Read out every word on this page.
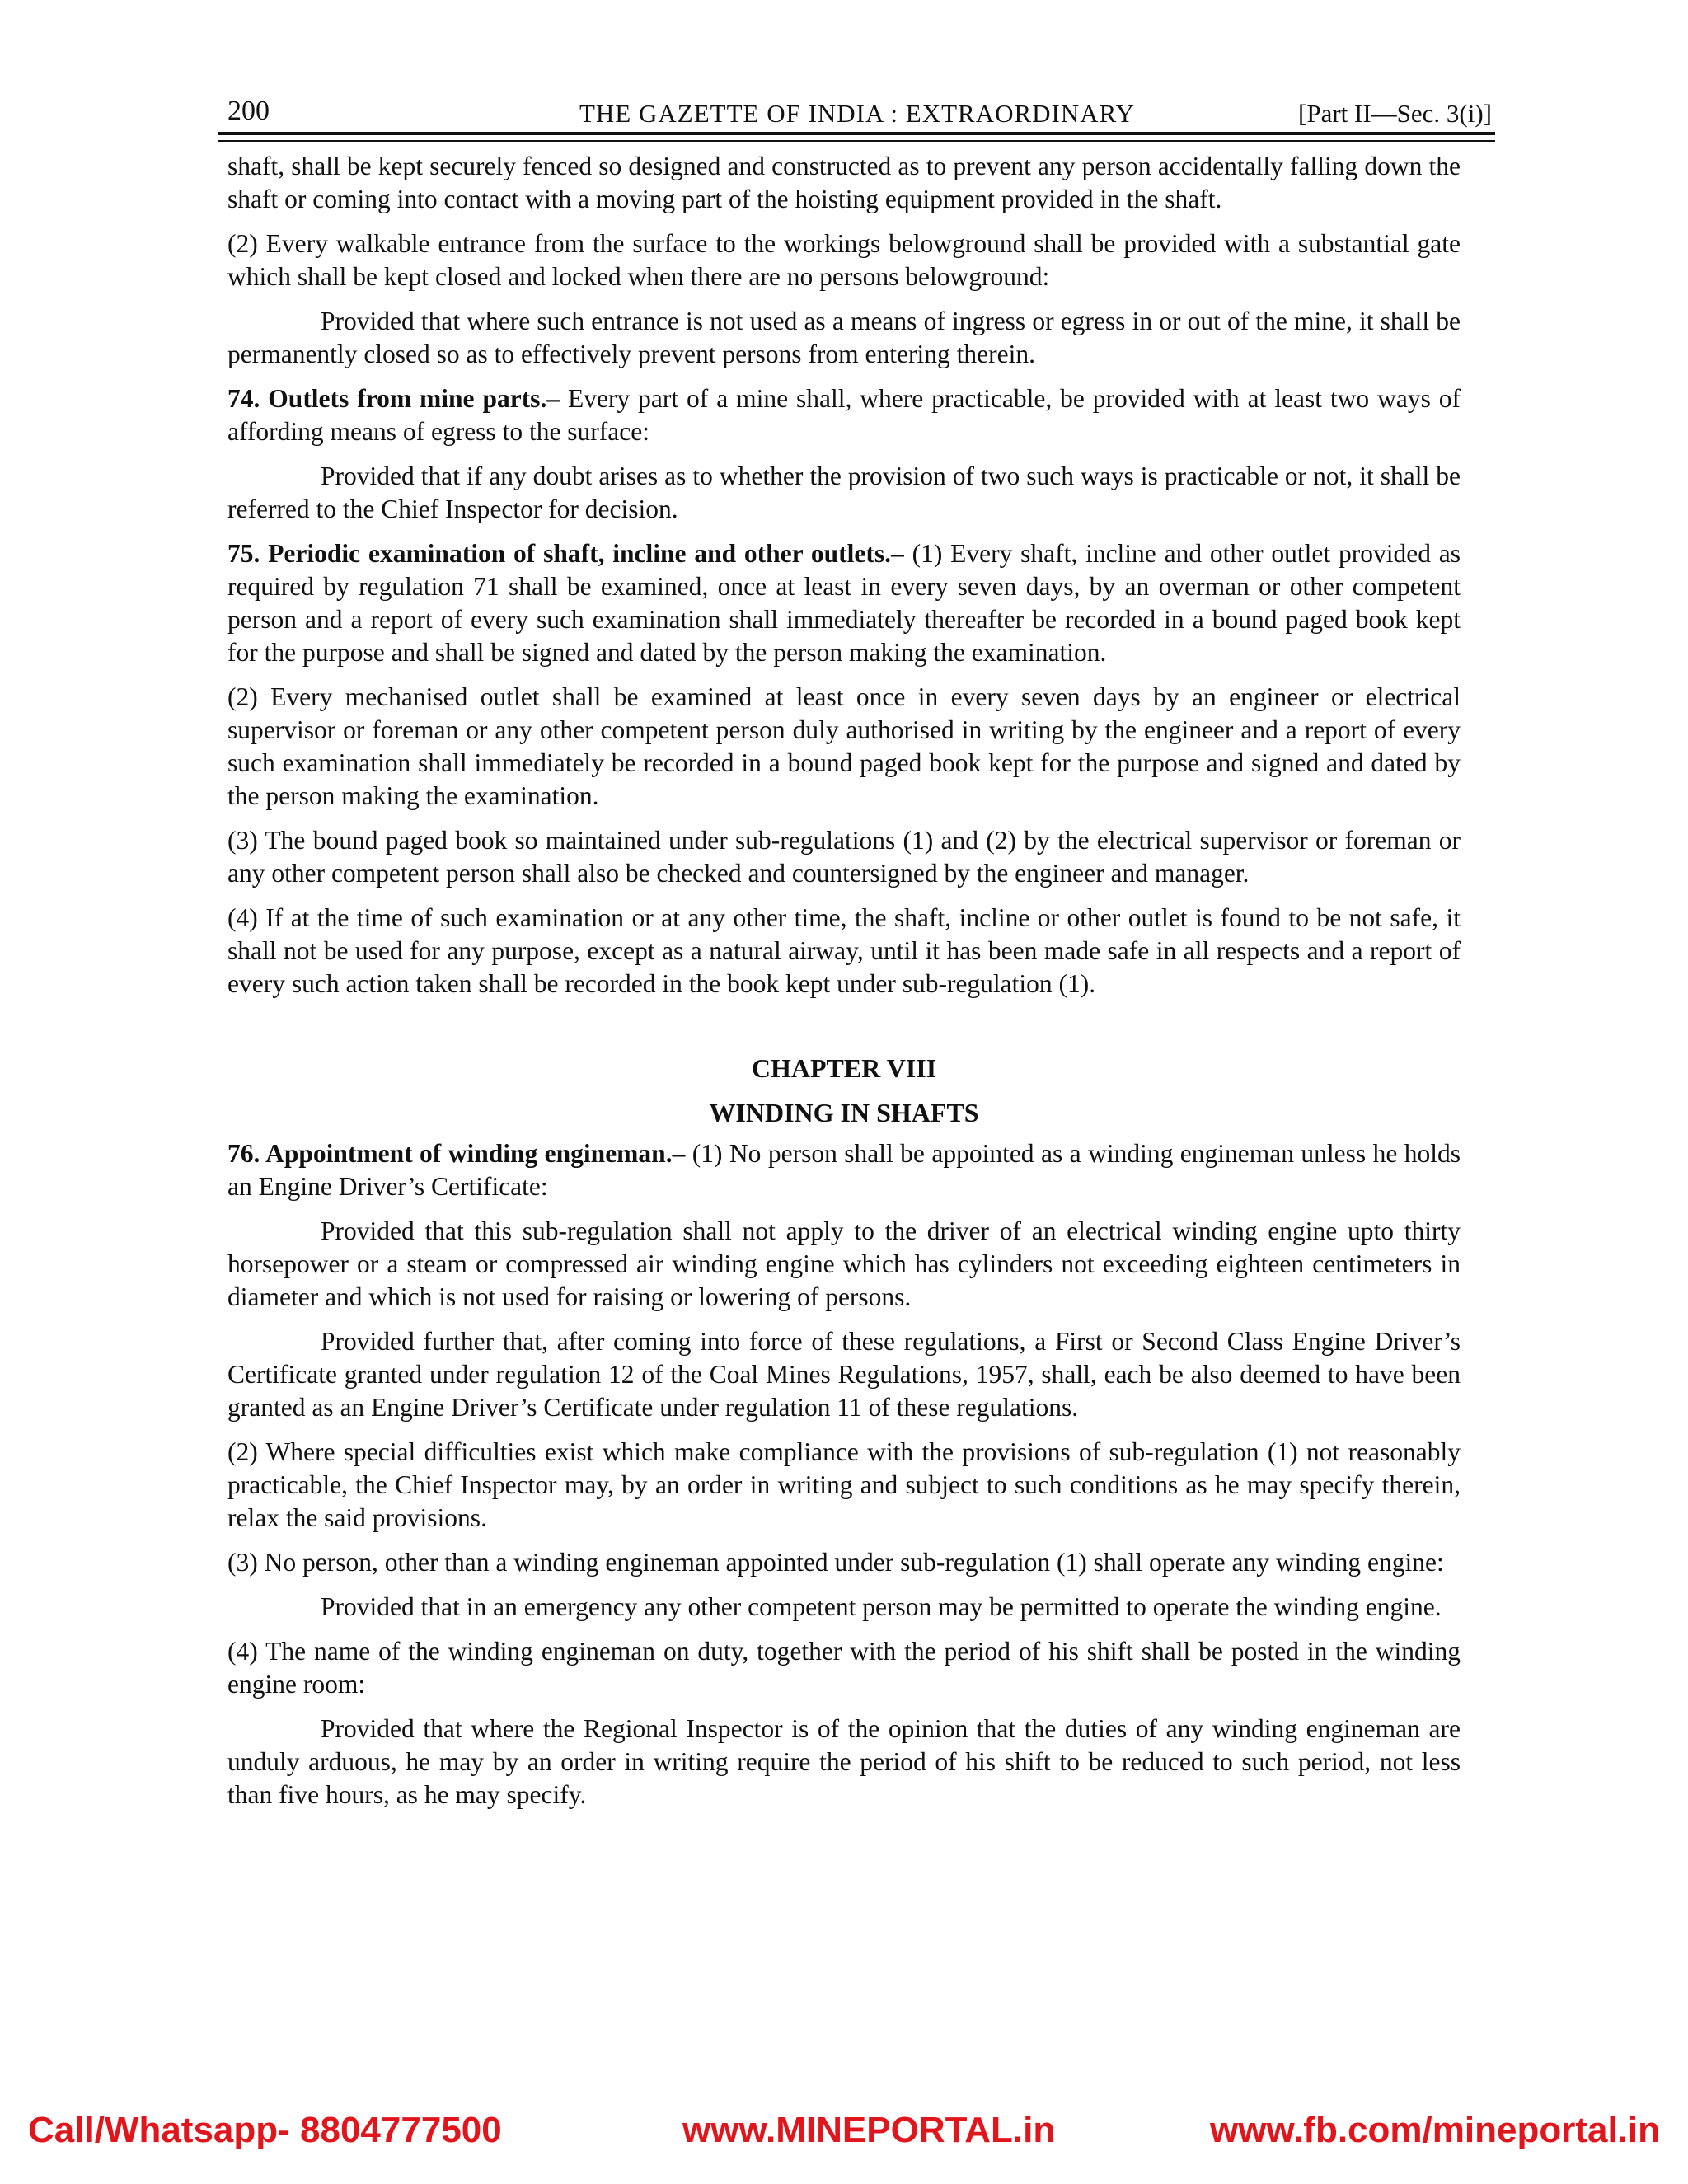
200	THE GAZETTE OF INDIA : EXTRAORDINARY	[Part II—Sec. 3(i)]

shaft, shall be kept securely fenced so designed and constructed as to prevent any person accidentally falling down the shaft or coming into contact with a moving part of the hoisting equipment provided in the shaft.

(2) Every walkable entrance from the surface to the workings belowground shall be provided with a substantial gate which shall be kept closed and locked when there are no persons belowground:

Provided that where such entrance is not used as a means of ingress or egress in or out of the mine, it shall be permanently closed so as to effectively prevent persons from entering therein.

74. Outlets from mine parts.– Every part of a mine shall, where practicable, be provided with at least two ways of affording means of egress to the surface:

Provided that if any doubt arises as to whether the provision of two such ways is practicable or not, it shall be referred to the Chief Inspector for decision.

75. Periodic examination of shaft, incline and other outlets.– (1) Every shaft, incline and other outlet provided as required by regulation 71 shall be examined, once at least in every seven days, by an overman or other competent person and a report of every such examination shall immediately thereafter be recorded in a bound paged book kept for the purpose and shall be signed and dated by the person making the examination.

(2) Every mechanised outlet shall be examined at least once in every seven days by an engineer or electrical supervisor or foreman or any other competent person duly authorised in writing by the engineer and a report of every such examination shall immediately be recorded in a bound paged book kept for the purpose and signed and dated by the person making the examination.

(3) The bound paged book so maintained under sub-regulations (1) and (2) by the electrical supervisor or foreman or any other competent person shall also be checked and countersigned by the engineer and manager.

(4) If at the time of such examination or at any other time, the shaft, incline or other outlet is found to be not safe, it shall not be used for any purpose, except as a natural airway, until it has been made safe in all respects and a report of every such action taken shall be recorded in the book kept under sub-regulation (1).

CHAPTER VIII
WINDING IN SHAFTS

76. Appointment of winding engineman.– (1) No person shall be appointed as a winding engineman unless he holds an Engine Driver’s Certificate:

Provided that this sub-regulation shall not apply to the driver of an electrical winding engine upto thirty horsepower or a steam or compressed air winding engine which has cylinders not exceeding eighteen centimeters in diameter and which is not used for raising or lowering of persons.

Provided further that, after coming into force of these regulations, a First or Second Class Engine Driver’s Certificate granted under regulation 12 of the Coal Mines Regulations, 1957, shall, each be also deemed to have been granted as an Engine Driver’s Certificate under regulation 11 of these regulations.

(2) Where special difficulties exist which make compliance with the provisions of sub-regulation (1) not reasonably practicable, the Chief Inspector may, by an order in writing and subject to such conditions as he may specify therein, relax the said provisions.

(3) No person, other than a winding engineman appointed under sub-regulation (1) shall operate any winding engine:

Provided that in an emergency any other competent person may be permitted to operate the winding engine.

(4) The name of the winding engineman on duty, together with the period of his shift shall be posted in the winding engine room:

Provided that where the Regional Inspector is of the opinion that the duties of any winding engineman are unduly arduous, he may by an order in writing require the period of his shift to be reduced to such period, not less than five hours, as he may specify.

Call/Whatsapp- 8804777500	www.MINEPORTAL.in	www.fb.com/mineportal.in
